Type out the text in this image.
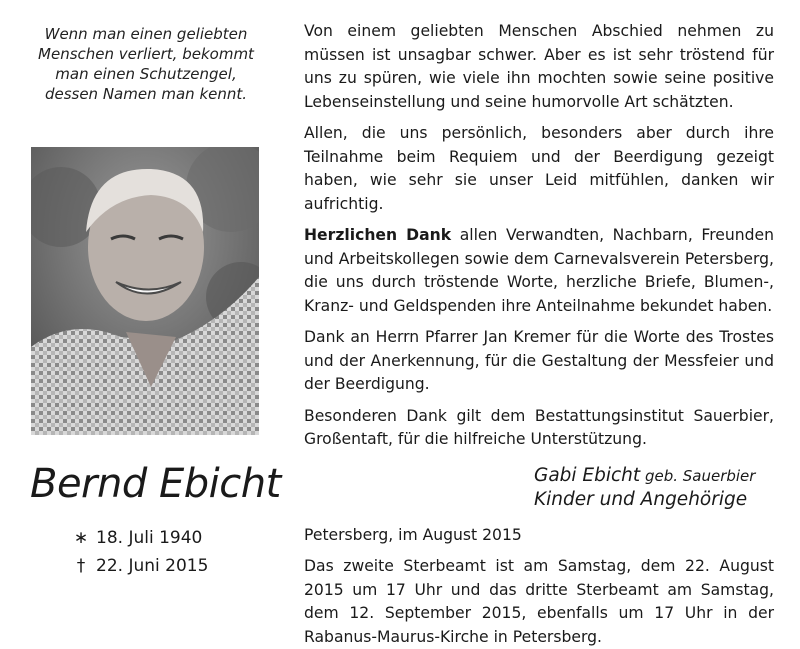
Wenn man einen geliebten
Menschen verliert, bekommt
man einen Schutzengel,
dessen Namen man kennt.
Bernd Ebicht
∗ 18. Juli 1940
† 22. Juni 2015

Von einem geliebten Menschen Abschied nehmen zu müssen ist unsagbar schwer. Aber es ist sehr tröstend für uns zu spüren, wie viele ihn mochten sowie seine positive Lebenseinstellung und seine humorvolle Art schätzten.

Allen, die uns persönlich, besonders aber durch ihre Teilnahme beim Requiem und der Beerdigung gezeigt haben, wie sehr sie unser Leid mitfühlen, danken wir aufrichtig.

Herzlichen Dank allen Verwandten, Nachbarn, Freunden und Arbeitskollegen sowie dem Carnevalsverein Petersberg, die uns durch tröstende Worte, herzliche Briefe, Blumen-, Kranz- und Geldspenden ihre Anteilnahme bekundet haben.

Dank an Herrn Pfarrer Jan Kremer für die Worte des Trostes und der Anerkennung, für die Gestaltung der Messfeier und der Beerdigung.

Besonderen Dank gilt dem Bestattungsinstitut Sauerbier, Großentaft, für die hilfreiche Unterstützung.

Gabi Ebicht geb. Sauerbier
Kinder und Angehörige
Petersberg, im August 2015
Das zweite Sterbeamt ist am Samstag, dem 22. August 2015 um 17 Uhr und das dritte Sterbeamt am Samstag, dem 12. September 2015, ebenfalls um 17 Uhr in der Rabanus-Maurus-Kirche in Petersberg.
